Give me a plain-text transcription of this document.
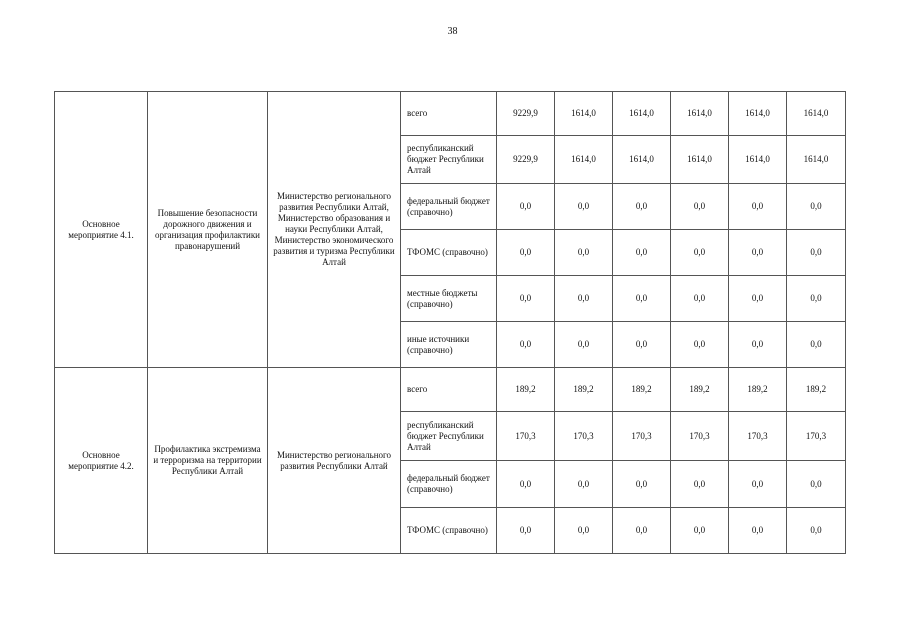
38
Основное мероприятие 4.1.	Повышение безопасности дорожного движения и организация профилактики правонарушений	Министерство регионального развития Республики Алтай, Министерство образования и науки Республики Алтай, Министерство экономического развития и туризма Республики Алтай	всего	9229,9	1614,0	1614,0	1614,0	1614,0	1614,0
			республиканский бюджет Республики Алтай	9229,9	1614,0	1614,0	1614,0	1614,0	1614,0
			федеральный бюджет (справочно)	0,0	0,0	0,0	0,0	0,0	0,0
			ТФОМС (справочно)	0,0	0,0	0,0	0,0	0,0	0,0
			местные бюджеты (справочно)	0,0	0,0	0,0	0,0	0,0	0,0
			иные источники (справочно)	0,0	0,0	0,0	0,0	0,0	0,0
Основное мероприятие 4.2.	Профилактика экстремизма и терроризма на территории Республики Алтай	Министерство регионального развития Республики Алтай	всего	189,2	189,2	189,2	189,2	189,2	189,2
			республиканский бюджет Республики Алтай	170,3	170,3	170,3	170,3	170,3	170,3
			федеральный бюджет (справочно)	0,0	0,0	0,0	0,0	0,0	0,0
			ТФОМС (справочно)	0,0	0,0	0,0	0,0	0,0	0,0
